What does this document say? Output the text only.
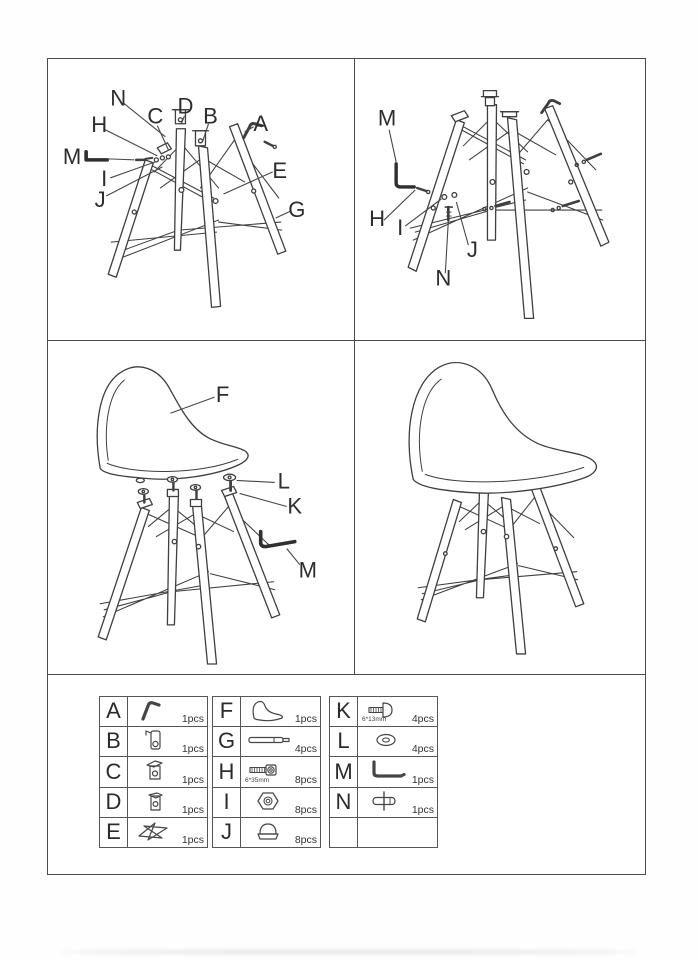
N
H
M
I
J
C D B A
E
G
M
H I
J
N
F
L
K
M
A	1pcs
B	1pcs
C	1pcs
D	1pcs
E	1pcs
F	1pcs
G	4pcs
H	6*35mm 8pcs
I	8pcs
J	8pcs
K	6*13mm 4pcs
L	4pcs
M	1pcs
N	1pcs
